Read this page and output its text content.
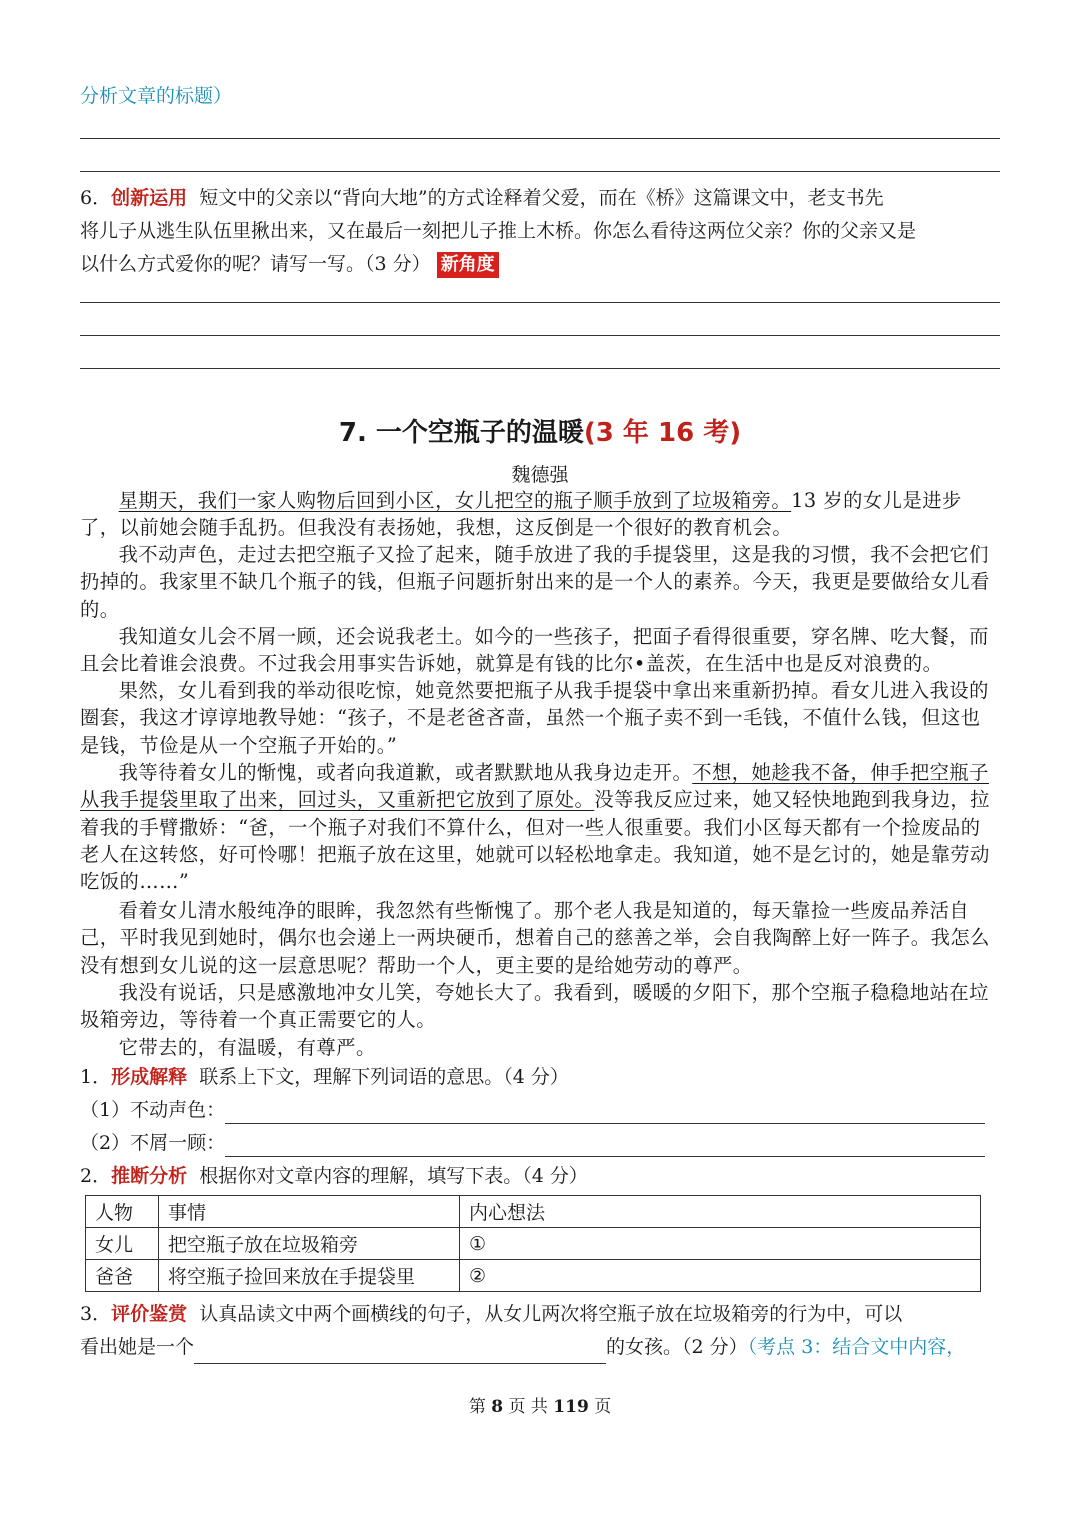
分析文章的标题）
6．创新运用 短文中的父亲以“背向大地”的方式诠释着父爱，而在《桥》这篇课文中，老支书先
将儿子从逃生队伍里揪出来，又在最后一刻把儿子推上木桥。你怎么看待这两位父亲？你的父亲又是
以什么方式爱你的呢？请写一写。（3 分） 新角度
7. 一个空瓶子的温暖(3 年 16 考)
魏德强
星期天，我们一家人购物后回到小区，女儿把空的瓶子顺手放到了垃圾箱旁。13 岁的女儿是进步了，以前她会随手乱扔。但我没有表扬她，我想，这反倒是一个很好的教育机会。
我不动声色，走过去把空瓶子又捡了起来，随手放进了我的手提袋里，这是我的习惯，我不会把它们扔掉的。我家里不缺几个瓶子的钱，但瓶子问题折射出来的是一个人的素养。今天，我更是要做给女儿看的。
我知道女儿会不屑一顾，还会说我老土。如今的一些孩子，把面子看得很重要，穿名牌、吃大餐，而且会比着谁会浪费。不过我会用事实告诉她，就算是有钱的比尔•盖茨，在生活中也是反对浪费的。
果然，女儿看到我的举动很吃惊，她竟然要把瓶子从我手提袋中拿出来重新扔掉。看女儿进入我设的圈套，我这才谆谆地教导她：“孩子，不是老爸吝啬，虽然一个瓶子卖不到一毛钱，不值什么钱，但这也是钱，节俭是从一个空瓶子开始的。”
我等待着女儿的惭愧，或者向我道歉，或者默默地从我身边走开。不想，她趁我不备，伸手把空瓶子从我手提袋里取了出来，回过头，又重新把它放到了原处。没等我反应过来，她又轻快地跑到我身边，拉着我的手臂撒娇：“爸，一个瓶子对我们不算什么，但对一些人很重要。我们小区每天都有一个捡废品的老人在这转悠，好可怜哪！把瓶子放在这里，她就可以轻松地拿走。我知道，她不是乞讨的，她是靠劳动吃饭的……”
看着女儿清水般纯净的眼眸，我忽然有些惭愧了。那个老人我是知道的，每天靠捡一些废品养活自己，平时我见到她时，偶尔也会递上一两块硬币，想着自己的慈善之举，会自我陶醉上好一阵子。我怎么没有想到女儿说的这一层意思呢？帮助一个人，更主要的是给她劳动的尊严。
我没有说话，只是感激地冲女儿笑，夸她长大了。我看到，暖暖的夕阳下，那个空瓶子稳稳地站在垃圾箱旁边，等待着一个真正需要它的人。
它带去的，有温暖，有尊严。
1．形成解释 联系上下文，理解下列词语的意思。（4 分）
（1）不动声色：
（2）不屑一顾：
2．推断分析 根据你对文章内容的理解，填写下表。（4 分）
人物	事情	内心想法
女儿	把空瓶子放在垃圾箱旁	①
爸爸	将空瓶子捡回来放在手提袋里	②
3．评价鉴赏 认真品读文中两个画横线的句子，从女儿两次将空瓶子放在垃圾箱旁的行为中，可以
看出她是一个	的女孩。（2 分）（考点 3：结合文中内容，
第 8 页 共 119 页
